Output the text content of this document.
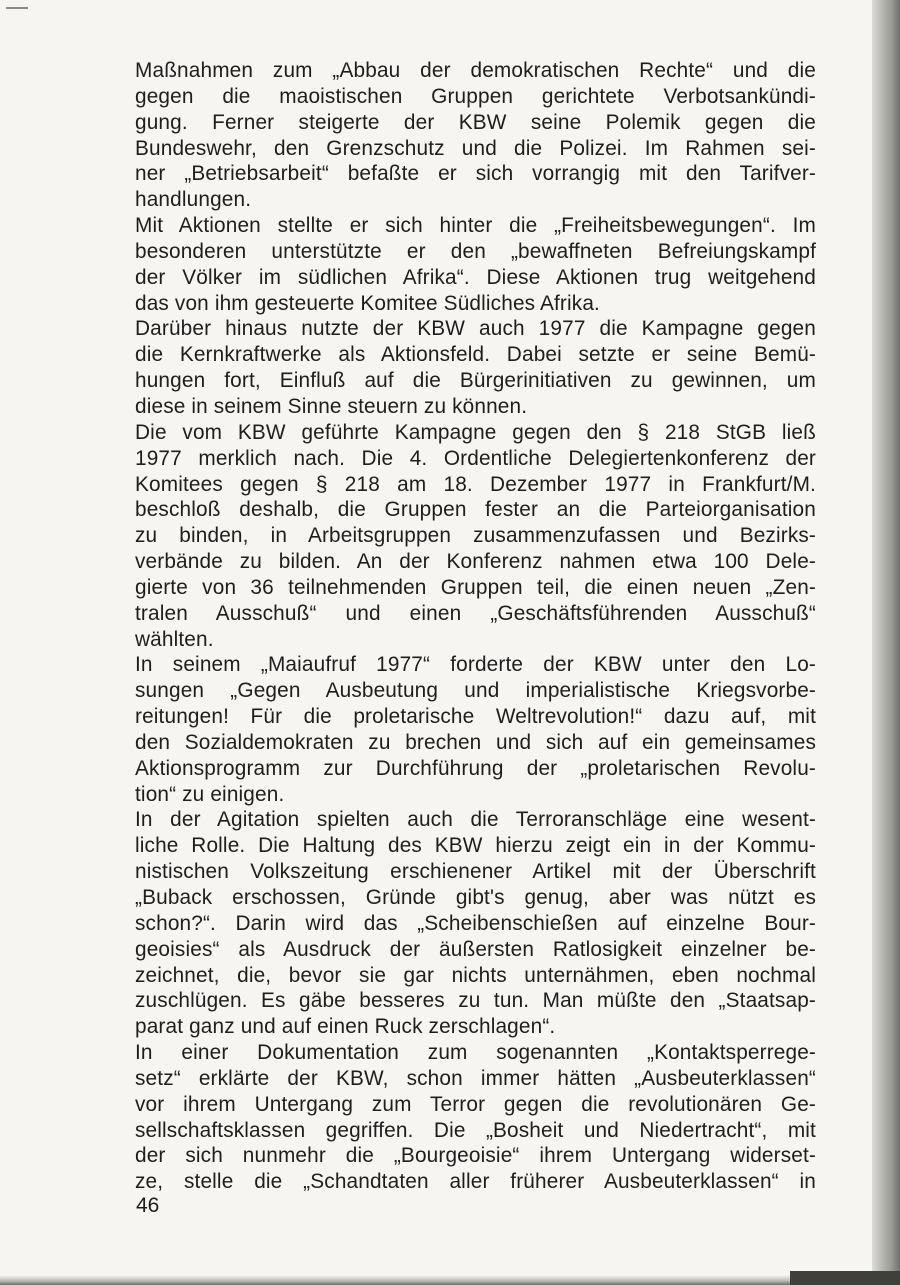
Maßnahmen zum „Abbau der demokratischen Rechte“ und die
gegen die maoistischen Gruppen gerichtete Verbotsankündi-
gung. Ferner steigerte der KBW seine Polemik gegen die
Bundeswehr, den Grenzschutz und die Polizei. Im Rahmen sei-
ner „Betriebsarbeit“ befaßte er sich vorrangig mit den Tarifver-
handlungen.
Mit Aktionen stellte er sich hinter die „Freiheitsbewegungen“. Im
besonderen unterstützte er den „bewaffneten Befreiungskampf
der Völker im südlichen Afrika“. Diese Aktionen trug weitgehend
das von ihm gesteuerte Komitee Südliches Afrika.
Darüber hinaus nutzte der KBW auch 1977 die Kampagne gegen
die Kernkraftwerke als Aktionsfeld. Dabei setzte er seine Bemü-
hungen fort, Einfluß auf die Bürgerinitiativen zu gewinnen, um
diese in seinem Sinne steuern zu können.
Die vom KBW geführte Kampagne gegen den § 218 StGB ließ
1977 merklich nach. Die 4. Ordentliche Delegiertenkonferenz der
Komitees gegen § 218 am 18. Dezember 1977 in Frankfurt/M.
beschloß deshalb, die Gruppen fester an die Parteiorganisation
zu binden, in Arbeitsgruppen zusammenzufassen und Bezirks-
verbände zu bilden. An der Konferenz nahmen etwa 100 Dele-
gierte von 36 teilnehmenden Gruppen teil, die einen neuen „Zen-
tralen Ausschuß“ und einen „Geschäftsführenden Ausschuß“
wählten.
In seinem „Maiaufruf 1977“ forderte der KBW unter den Lo-
sungen „Gegen Ausbeutung und imperialistische Kriegsvorbe-
reitungen! Für die proletarische Weltrevolution!“ dazu auf, mit
den Sozialdemokraten zu brechen und sich auf ein gemeinsames
Aktionsprogramm zur Durchführung der „proletarischen Revolu-
tion“ zu einigen.
In der Agitation spielten auch die Terroranschläge eine wesent-
liche Rolle. Die Haltung des KBW hierzu zeigt ein in der Kommu-
nistischen Volkszeitung erschienener Artikel mit der Überschrift
„Buback erschossen, Gründe gibt's genug, aber was nützt es
schon?“. Darin wird das „Scheibenschießen auf einzelne Bour-
geoisies“ als Ausdruck der äußersten Ratlosigkeit einzelner be-
zeichnet, die, bevor sie gar nichts unternähmen, eben nochmal
zuschlügen. Es gäbe besseres zu tun. Man müßte den „Staatsap-
parat ganz und auf einen Ruck zerschlagen“.
In einer Dokumentation zum sogenannten „Kontaktsperrege-
setz“ erklärte der KBW, schon immer hätten „Ausbeuterklassen“
vor ihrem Untergang zum Terror gegen die revolutionären Ge-
sellschaftsklassen gegriffen. Die „Bosheit und Niedertracht“, mit
der sich nunmehr die „Bourgeoisie“ ihrem Untergang widerset-
ze, stelle die „Schandtaten aller früherer Ausbeuterklassen“ in
46
